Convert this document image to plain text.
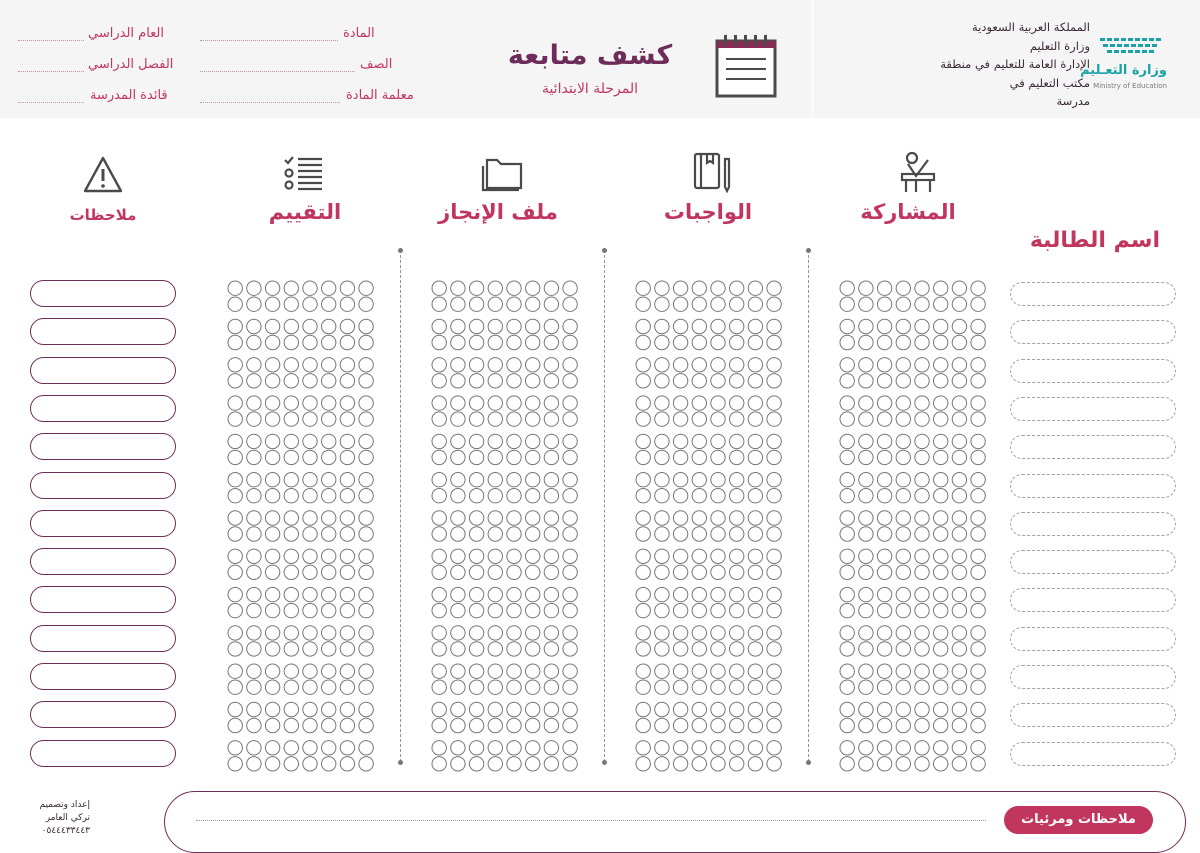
المملكة العربية السعودية
وزارة التعليم
الإدارة العامة للتعليم في منطقة
مكتب التعليم في
مدرسة
وزارة التعـليم
Ministry of Education
كشف متابعة
المرحلة الابتدائية
المادة
الصف
معلمة المادة
العام الدراسي
الفصل الدراسي
قائدة المدرسة
المشاركة
الواجبات
ملف الإنجاز
التقييم
ملاحظات
اسم الطالبة
ملاحظات ومرئيات
إعداد وتصميم
تركي العامر
٠٥٤٤٤٣٣٤٤٣
